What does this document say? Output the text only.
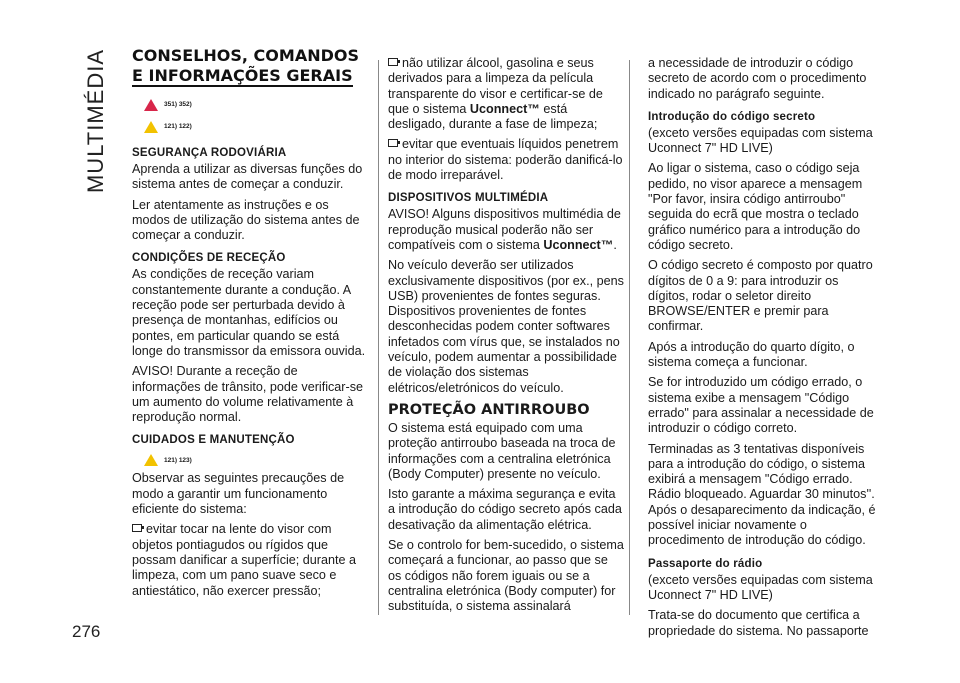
MULTIMÉDIA
276
CONSELHOS, COMANDOS
E INFORMAÇÕES GERAIS
351) 352)
121) 122)
SEGURANÇA RODOVIÁRIA

Aprenda a utilizar as diversas funções do sistema antes de começar a conduzir.

Ler atentamente as instruções e os modos de utilização do sistema antes de começar a conduzir.

CONDIÇÕES DE RECEÇÃO

As condições de receção variam constantemente durante a condução. A receção pode ser perturbada devido à presença de montanhas, edifícios ou pontes, em particular quando se está longe do transmissor da emissora ouvida.

AVISO! Durante a receção de informações de trânsito, pode verificar-se um aumento do volume relativamente à reprodução normal.

CUIDADOS E MANUTENÇÃO
121) 123)

Observar as seguintes precauções de modo a garantir um funcionamento eficiente do sistema:

evitar tocar na lente do visor com objetos pontiagudos ou rígidos que possam danificar a superfície; durante a limpeza, com um pano suave seco e antiestático, não exercer pressão;

não utilizar álcool, gasolina e seus derivados para a limpeza da película transparente do visor e certificar-se de que o sistema Uconnect™ está desligado, durante a fase de limpeza;

evitar que eventuais líquidos penetrem no interior do sistema: poderão danificá-lo de modo irreparável.

DISPOSITIVOS MULTIMÉDIA

AVISO! Alguns dispositivos multimédia de reprodução musical poderão não ser compatíveis com o sistema Uconnect™.

No veículo deverão ser utilizados exclusivamente dispositivos (por ex., pens USB) provenientes de fontes seguras. Dispositivos provenientes de fontes desconhecidas podem conter softwares infetados com vírus que, se instalados no veículo, podem aumentar a possibilidade de violação dos sistemas elétricos/eletrónicos do veículo.

PROTEÇÃO ANTIRROUBO

O sistema está equipado com uma proteção antirroubo baseada na troca de informações com a centralina eletrónica (Body Computer) presente no veículo.

Isto garante a máxima segurança e evita a introdução do código secreto após cada desativação da alimentação elétrica.

Se o controlo for bem-sucedido, o sistema começará a funcionar, ao passo que se os códigos não forem iguais ou se a centralina eletrónica (Body computer) for substituída, o sistema assinalará

a necessidade de introduzir o código secreto de acordo com o procedimento indicado no parágrafo seguinte.

Introdução do código secreto

(exceto versões equipadas com sistema Uconnect 7" HD LIVE)

Ao ligar o sistema, caso o código seja pedido, no visor aparece a mensagem "Por favor, insira código antirroubo" seguida do ecrã que mostra o teclado gráfico numérico para a introdução do código secreto.

O código secreto é composto por quatro dígitos de 0 a 9: para introduzir os dígitos, rodar o seletor direito BROWSE/ENTER e premir para confirmar.

Após a introdução do quarto dígito, o sistema começa a funcionar.

Se for introduzido um código errado, o sistema exibe a mensagem "Código errado" para assinalar a necessidade de introduzir o código correto.

Terminadas as 3 tentativas disponíveis para a introdução do código, o sistema exibirá a mensagem "Código errado. Rádio bloqueado. Aguardar 30 minutos''. Após o desaparecimento da indicação, é possível iniciar novamente o procedimento de introdução do código.

Passaporte do rádio

(exceto versões equipadas com sistema Uconnect 7" HD LIVE)

Trata-se do documento que certifica a propriedade do sistema. No passaporte
